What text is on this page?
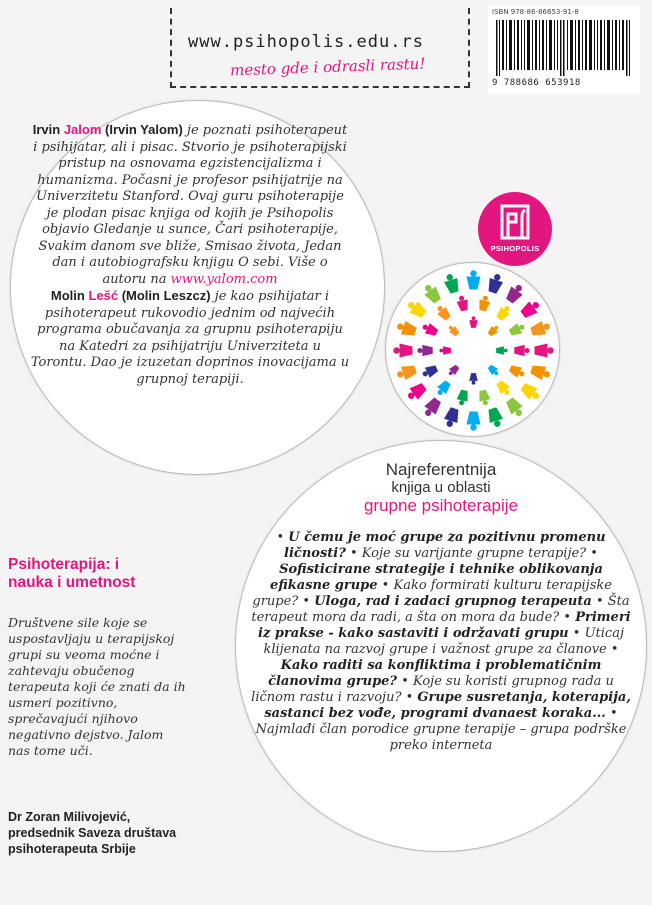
www.psihopolis.edu.rs
mesto gde i odrasli rastu!
ISBN 978-86-86653-91-8
9 788686 653918
Irvin Jalom (Irvin Yalom) je poznati psihoterapeut i psihijatar, ali i pisac. Stvorio je psihoterapijski pristup na osnovama egzistencijalizma i humanizma. Počasni je profesor psihijatrije na Univerzitetu Stanford. Ovaj guru psihoterapije je plodan pisac knjiga od kojih je Psihopolis objavio Gledanje u sunce, Čari psihoterapije, Svakim danom sve bliže, Smisao života, Jedan dan i autobiografsku knjigu O sebi. Više o autoru na www.yalom.com
Molin Lešć (Molin Leszcz) je kao psihijatar i psihoterapeut rukovodio jednim od najvećih programa obučavanja za grupnu psihoterapiju na Katedri za psihijatriju Univerziteta u Torontu. Dao je izuzetan doprinos inovacijama u grupnoj terapiji.
PSIHOPOLIS
Najreferentnija
knjiga u oblasti
grupne psihoterapije
• U čemu je moć grupe za pozitivnu promenu ličnosti? • Koje su varijante grupne terapije? • Sofisticirane strategije i tehnike oblikovanja efikasne grupe • Kako formirati kulturu terapijske grupe? • Uloga, rad i zadaci grupnog terapeuta • Šta terapeut mora da radi, a šta on mora da bude? • Primeri iz prakse - kako sastaviti i održavati grupu • Uticaj klijenata na razvoj grupe i važnost grupe za članove • Kako raditi sa konfliktima i problematičnim članovima grupe? • Koje su koristi grupnog rada u ličnom rastu i razvoju? • Grupe susretanja, koterapija, sastanci bez vođe, programi dvanaest koraka... • Najmlađi član porodice grupne terapije – grupa podrške preko interneta
Psihoterapija: i nauka i umetnost
Društvene sile koje se uspostavljaju u terapijskoj grupi su veoma moćne i zahtevaju obučenog terapeuta koji će znati da ih usmeri pozitivno, sprečavajući njihovo negativno dejstvo. Jalom nas tome uči.
Dr Zoran Milivojević, predsednik Saveza društava psihoterapeuta Srbije
